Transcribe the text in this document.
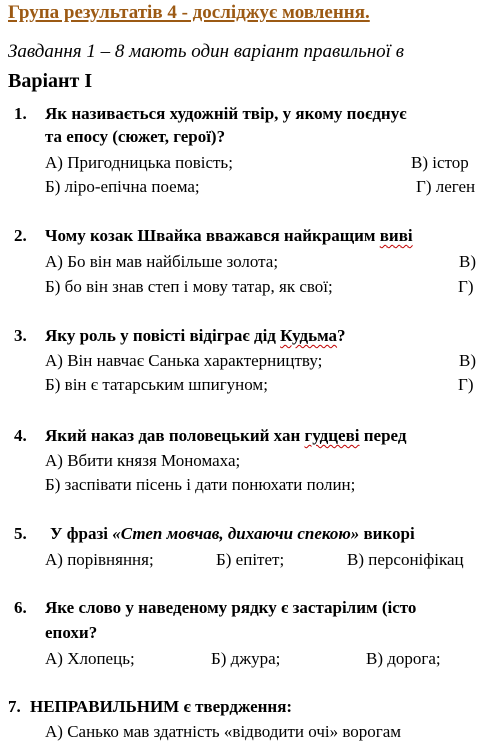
Група результатів 4 - досліджує мовлення.
Завдання 1 – 8 мають один варіант правильної в
Варіант І
1. Як називається художній твір, у якому поєднує
та епосу (сюжет, герої)?
А) Пригодницька повість;	В) істор
Б) ліро-епічна поема;	Г) леген
2. Чому козак Швайка вважався найкращим виві
А) Бо він мав найбільше золота;	В)
Б) бо він знав степ і мову татар, як свої;	Г)
3. Яку роль у повісті відіграє дід Кудьма?
А) Він навчає Санька характерництву;	В)
Б) він є татарським шпигуном;	Г)
4. Який наказ дав половецький хан гудцеві перед
А) Вбити князя Мономаха;
Б) заспівати пісень і дати понюхати полин;
5. У фразі «Степ мовчав, дихаючи спекою» викорі
А) порівняння;	Б) епітет;	В) персоніфікац
6. Яке слово у наведеному рядку є застарілим (істо
епохи?
А) Хлопець;	Б) джура;	В) дорога;
7. НЕПРАВИЛЬНИМ є твердження:
А) Санько мав здатність «відводити очі» ворогам
